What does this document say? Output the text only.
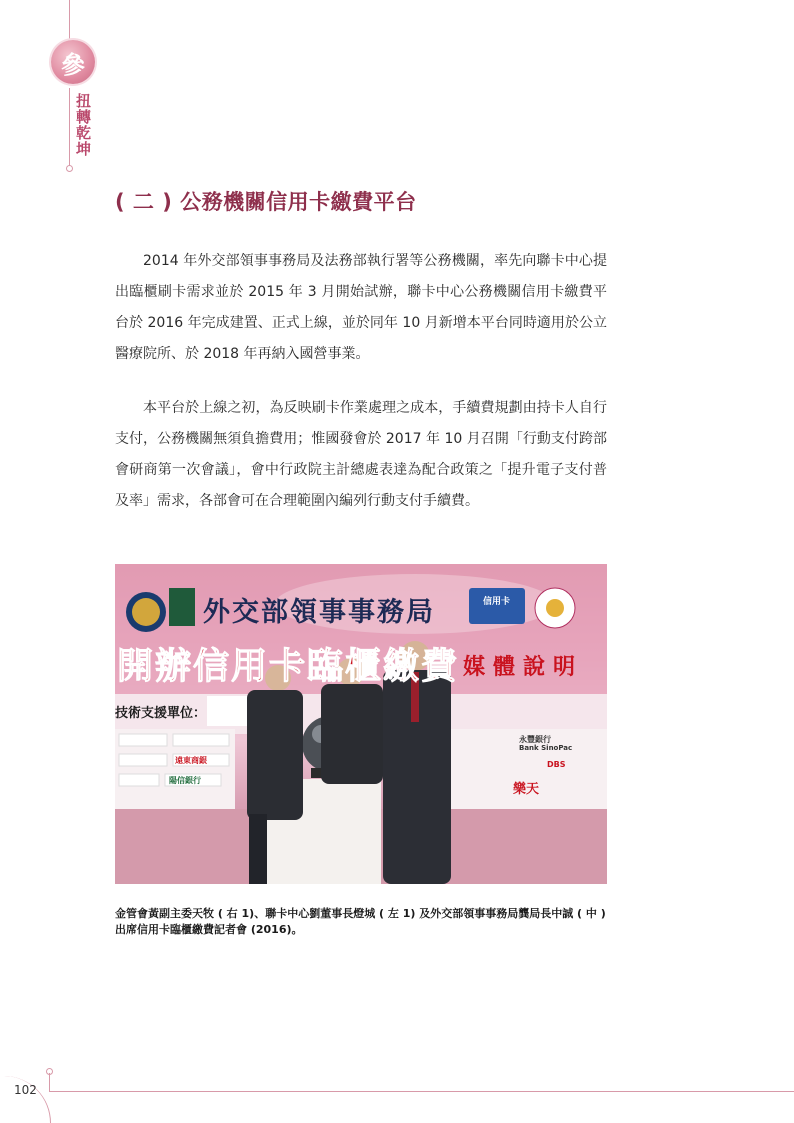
參
扭轉乾坤
( 二 ) 公務機關信用卡繳費平台

2014 年外交部領事事務局及法務部執行署等公務機關，率先向聯卡中心提出臨櫃刷卡需求並於 2015 年 3 月開始試辦，聯卡中心公務機關信用卡繳費平台於 2016 年完成建置、正式上線，並於同年 10 月新增本平台同時適用於公立醫療院所、於 2018 年再納入國營事業。

本平台於上線之初，為反映刷卡作業處理之成本，手續費規劃由持卡人自行支付，公務機關無須負擔費用；惟國發會於 2017 年 10 月召開「行動支付跨部會研商第一次會議」，會中行政院主計總處表達為配合政策之「提升電子支付普及率」需求，各部會可在合理範圍內編列行動支付手續費。

外交部領事事務局	信用卡
開辦信用卡臨櫃繳費 媒體說明
技術支援單位：
永豐銀行
Bank SinoPac
遠東商銀
陽信銀行
DBS
樂天

金管會黃副主委天牧 ( 右 1)、聯卡中心劉董事長燈城 ( 左 1) 及外交部領事事務局龔局長中誠 ( 中 ) 出席信用卡臨櫃繳費記者會 (2016)。

102
